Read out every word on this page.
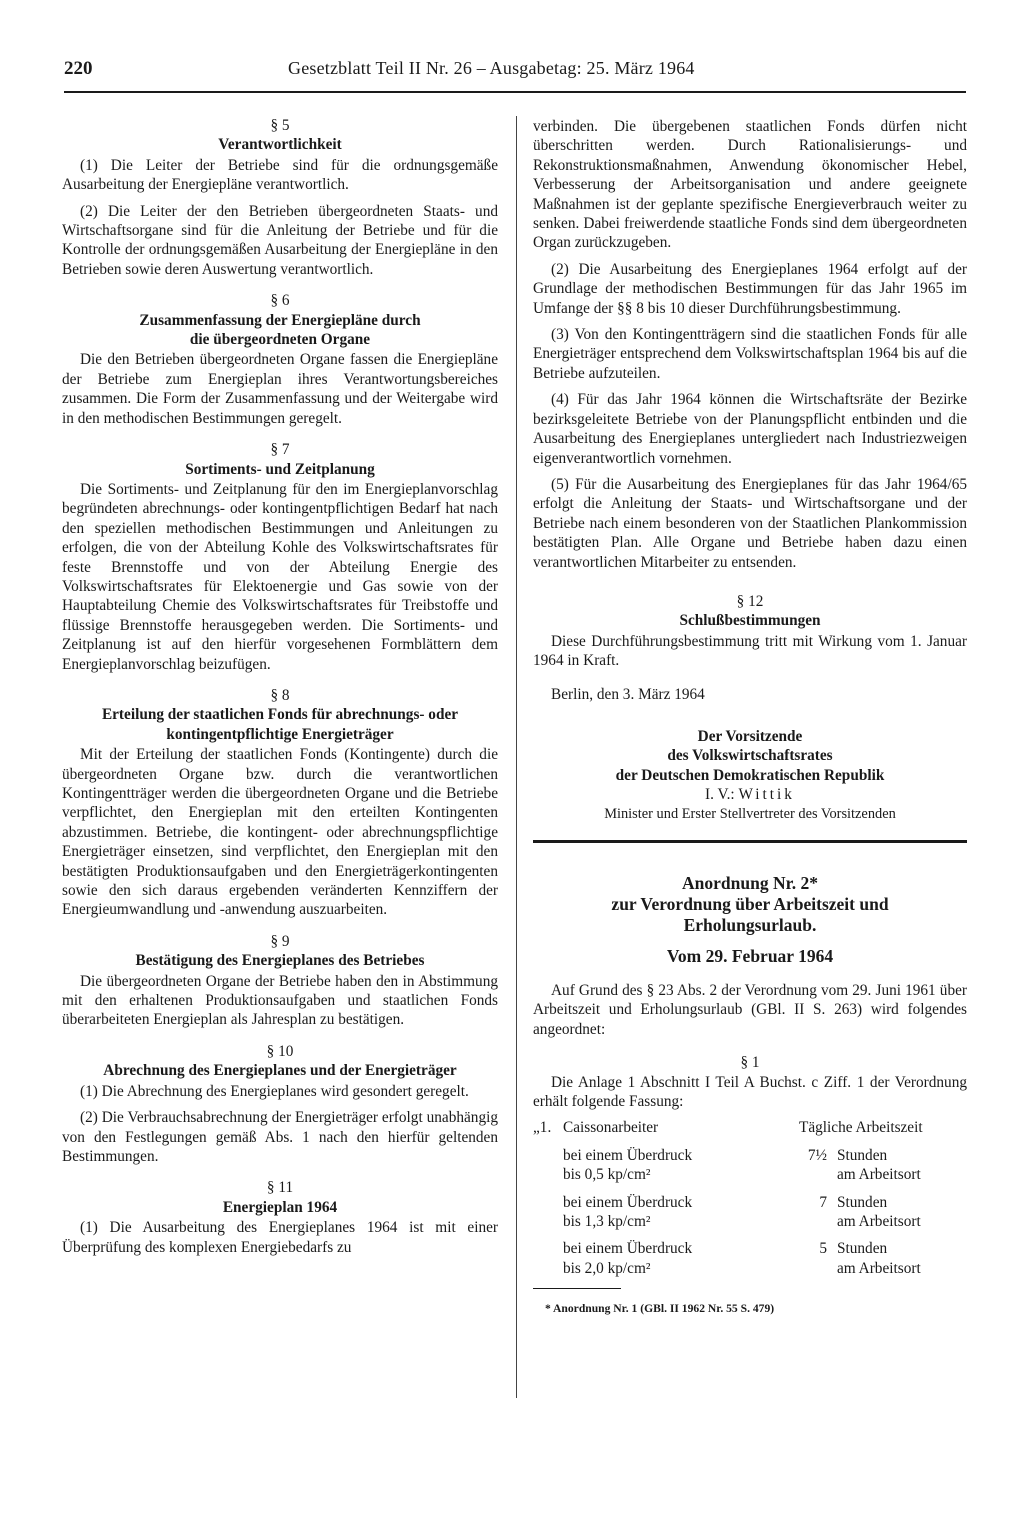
220	Gesetzblatt Teil II Nr. 26 – Ausgabetag: 25. März 1964

§ 5

Verantwortlichkeit

(1) Die Leiter der Betriebe sind für die ordnungsgemäße Ausarbeitung der Energiepläne verantwortlich.

(2) Die Leiter der den Betrieben übergeordneten Staats- und Wirtschaftsorgane sind für die Anleitung der Betriebe und für die Kontrolle der ordnungsgemäßen Ausarbeitung der Energiepläne in den Betrieben sowie deren Auswertung verantwortlich.

§ 6

Zusammenfassung der Energiepläne durch

die übergeordneten Organe

Die den Betrieben übergeordneten Organe fassen die Energiepläne der Betriebe zum Energieplan ihres Verantwortungsbereiches zusammen. Die Form der Zusammenfassung und der Weitergabe wird in den methodischen Bestimmungen geregelt.

§ 7

Sortiments- und Zeitplanung

Die Sortiments- und Zeitplanung für den im Energieplanvorschlag begründeten abrechnungs- oder kontingentpflichtigen Bedarf hat nach den speziellen methodischen Bestimmungen und Anleitungen zu erfolgen, die von der Abteilung Kohle des Volkswirtschaftsrates für feste Brennstoffe und von der Abteilung Energie des Volkswirtschaftsrates für Elektoenergie und Gas sowie von der Hauptabteilung Chemie des Volkswirtschaftsrates für Treibstoffe und flüssige Brennstoffe herausgegeben werden. Die Sortiments- und Zeitplanung ist auf den hierfür vorgesehenen Formblättern dem Energieplanvorschlag beizufügen.

§ 8

Erteilung der staatlichen Fonds für abrechnungs- oder

kontingentpflichtige Energieträger

Mit der Erteilung der staatlichen Fonds (Kontingente) durch die übergeordneten Organe bzw. durch die verantwortlichen Kontingentträger werden die übergeordneten Organe und die Betriebe verpflichtet, den Energieplan mit den erteilten Kontingenten abzustimmen. Betriebe, die kontingent- oder abrechnungspflichtige Energieträger einsetzen, sind verpflichtet, den Energieplan mit den bestätigten Produktionsaufgaben und den Energieträgerkontingenten sowie den sich daraus ergebenden veränderten Kennziffern der Energieumwandlung und -anwendung auszuarbeiten.

§ 9

Bestätigung des Energieplanes des Betriebes

Die übergeordneten Organe der Betriebe haben den in Abstimmung mit den erhaltenen Produktionsaufgaben und staatlichen Fonds überarbeiteten Energieplan als Jahresplan zu bestätigen.

§ 10

Abrechnung des Energieplanes und der Energieträger

(1) Die Abrechnung des Energieplanes wird gesondert geregelt.

(2) Die Verbrauchsabrechnung der Energieträger erfolgt unabhängig von den Festlegungen gemäß Abs. 1 nach den hierfür geltenden Bestimmungen.

§ 11

Energieplan 1964

(1) Die Ausarbeitung des Energieplanes 1964 ist mit einer Überprüfung des komplexen Energiebedarfs zu

verbinden. Die übergebenen staatlichen Fonds dürfen nicht überschritten werden. Durch Rationalisierungs- und Rekonstruktionsmaßnahmen, Anwendung ökonomischer Hebel, Verbesserung der Arbeitsorganisation und andere geeignete Maßnahmen ist der geplante spezifische Energieverbrauch weiter zu senken. Dabei freiwerdende staatliche Fonds sind dem übergeordneten Organ zurückzugeben.

(2) Die Ausarbeitung des Energieplanes 1964 erfolgt auf der Grundlage der methodischen Bestimmungen für das Jahr 1965 im Umfange der §§ 8 bis 10 dieser Durchführungsbestimmung.

(3) Von den Kontingentträgern sind die staatlichen Fonds für alle Energieträger entsprechend dem Volkswirtschaftsplan 1964 bis auf die Betriebe aufzuteilen.

(4) Für das Jahr 1964 können die Wirtschaftsräte der Bezirke bezirksgeleitete Betriebe von der Planungspflicht entbinden und die Ausarbeitung des Energieplanes untergliedert nach Industriezweigen eigenverantwortlich vornehmen.

(5) Für die Ausarbeitung des Energieplanes für das Jahr 1964/65 erfolgt die Anleitung der Staats- und Wirtschaftsorgane und der Betriebe nach einem besonderen von der Staatlichen Plankommission bestätigten Plan. Alle Organe und Betriebe haben dazu einen verantwortlichen Mitarbeiter zu entsenden.

§ 12

Schlußbestimmungen

Diese Durchführungsbestimmung tritt mit Wirkung vom 1. Januar 1964 in Kraft.

Berlin, den 3. März 1964

Der Vorsitzende

des Volkswirtschaftsrates

der Deutschen Demokratischen Republik

I. V.: Wittik

Minister und Erster Stellvertreter des Vorsitzenden

Anordnung Nr. 2*

zur Verordnung über Arbeitszeit und

Erholungsurlaub.

Vom 29. Februar 1964

Auf Grund des § 23 Abs. 2 der Verordnung vom 29. Juni 1961 über Arbeitszeit und Erholungsurlaub (GBl. II S. 263) wird folgendes angeordnet:

§ 1

Die Anlage 1 Abschnitt I Teil A Buchst. c Ziff. 1 der Verordnung erhält folgende Fassung:

„1.	Caissonarbeiter	Tägliche Arbeitszeit	
	bei einem Überdruck
bis 0,5 kp/cm²	7½	Stunden
am Arbeitsort
	bei einem Überdruck
bis 1,3 kp/cm²	7	Stunden
am Arbeitsort
	bei einem Überdruck
bis 2,0 kp/cm²	5	Stunden
am Arbeitsort

* Anordnung Nr. 1 (GBl. II 1962 Nr. 55 S. 479)
